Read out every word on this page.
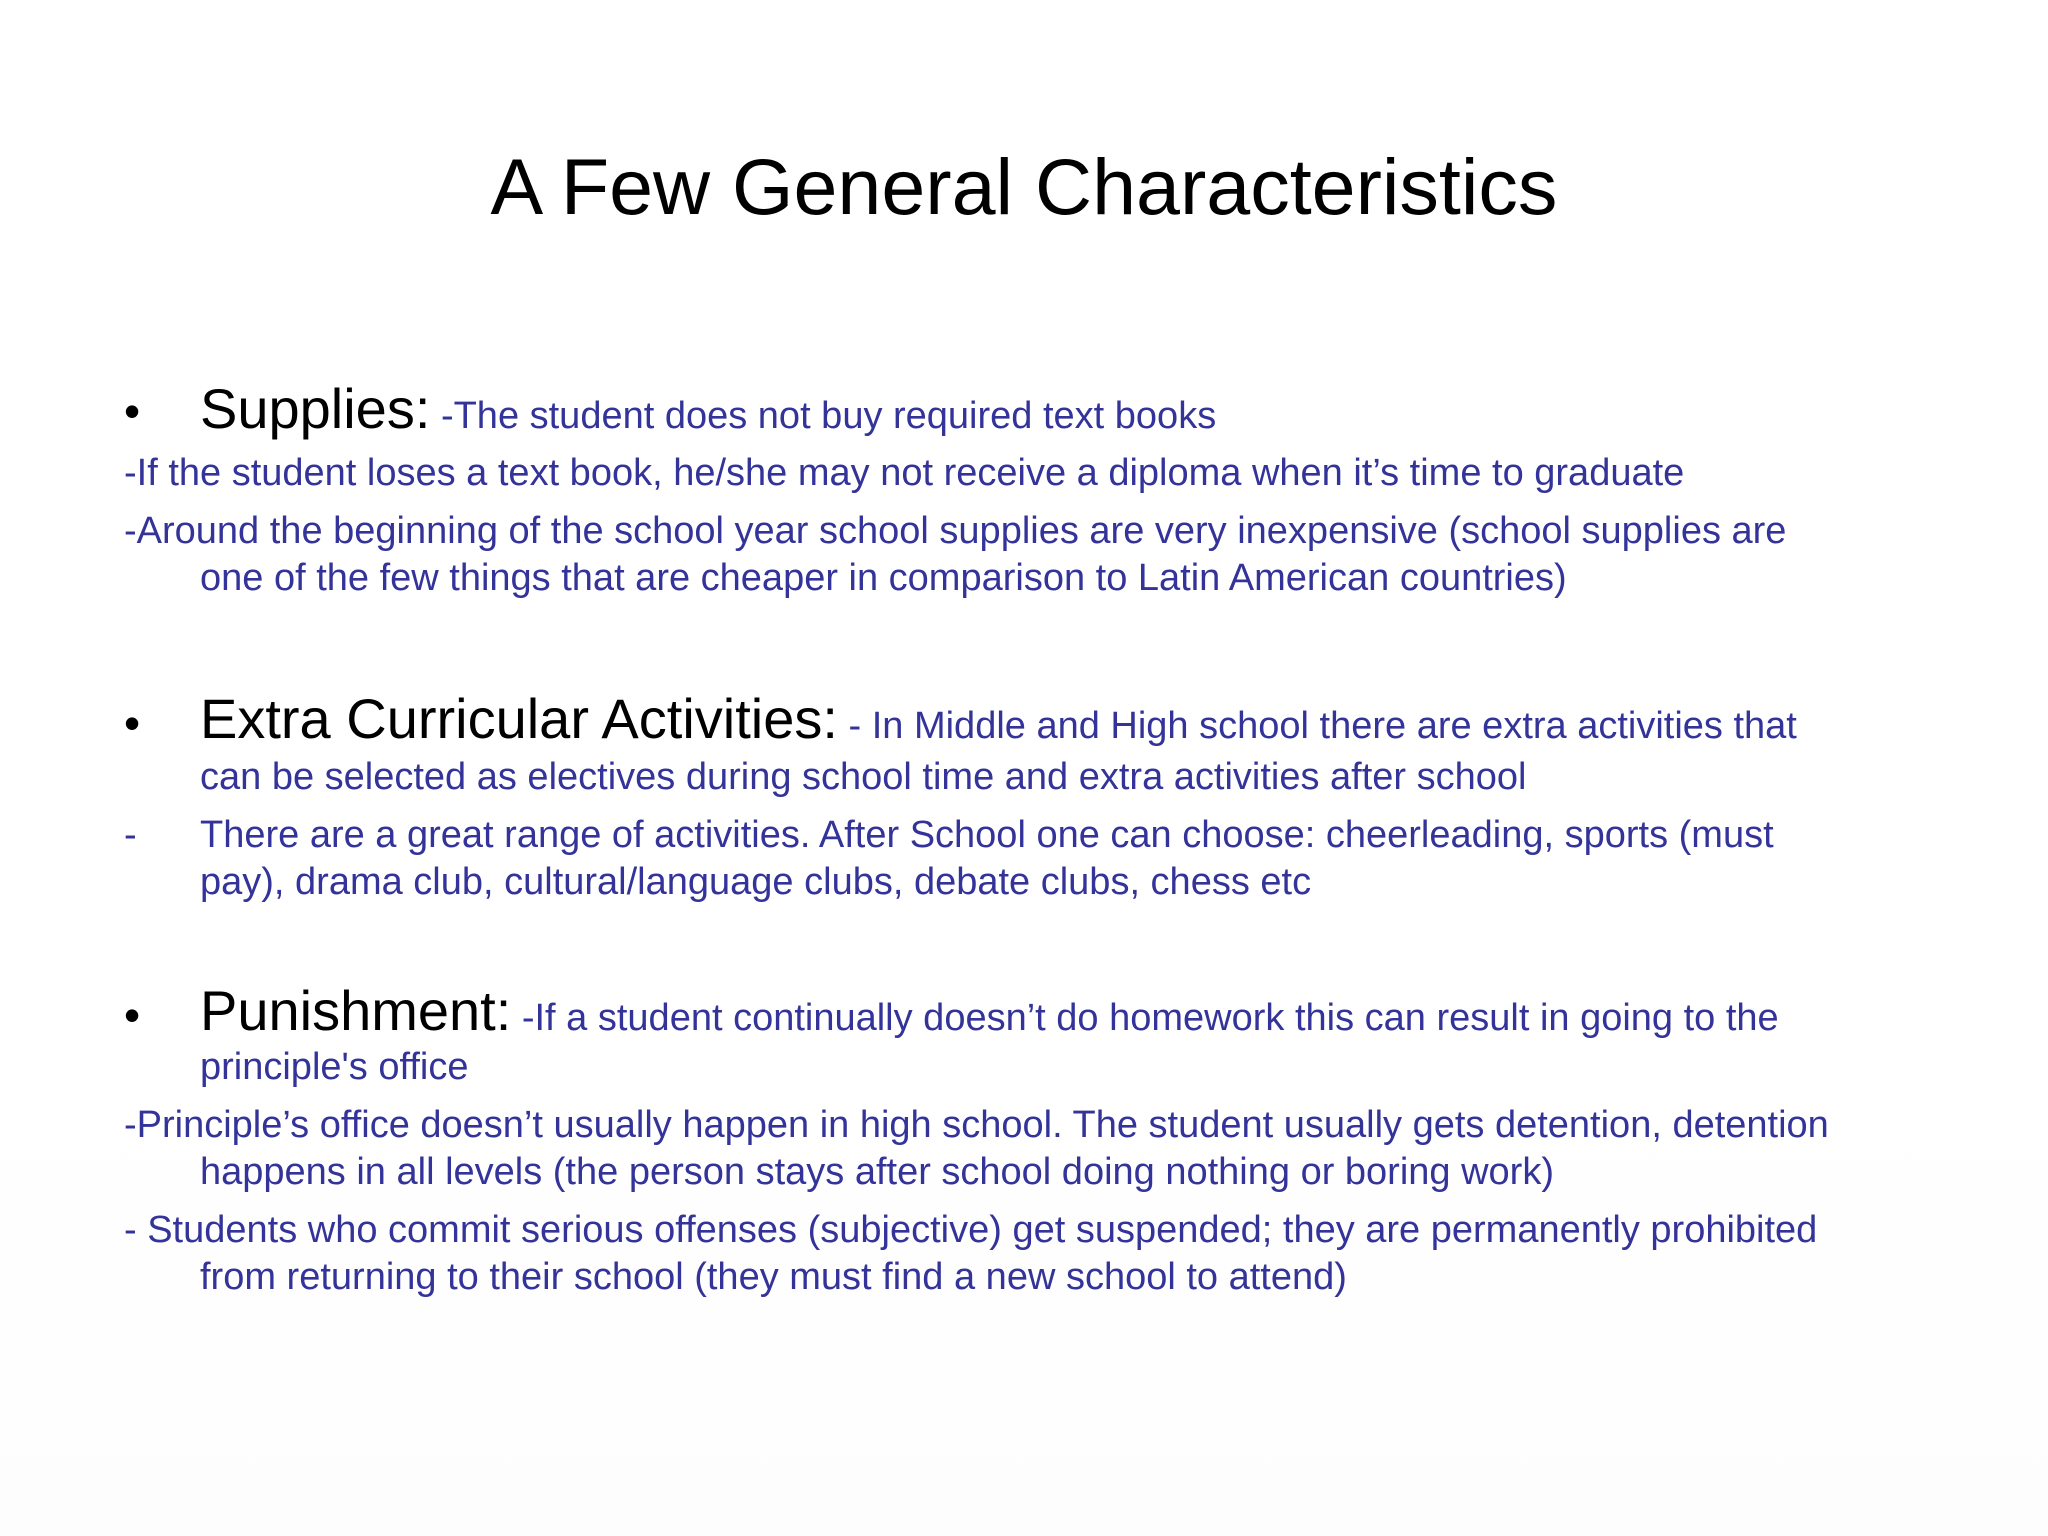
A Few General Characteristics
• Supplies: -The student does not buy required text books
-If the student loses a text book, he/she may not receive a diploma when it’s time to graduate
-Around the beginning of the school year school supplies are very inexpensive (school supplies are
one of the few things that are cheaper in comparison to Latin American countries)
• Extra Curricular Activities: - In Middle and High school there are extra activities that
can be selected as electives during school time and extra activities after school
- There are a great range of activities. After School one can choose: cheerleading, sports (must
pay), drama club, cultural/language clubs, debate clubs, chess etc
• Punishment: -If a student continually doesn’t do homework this can result in going to the
principle's office
-Principle’s office doesn’t usually happen in high school. The student usually gets detention, detention
happens in all levels (the person stays after school doing nothing or boring work)
- Students who commit serious offenses (subjective) get suspended; they are permanently prohibited
from returning to their school (they must find a new school to attend)
